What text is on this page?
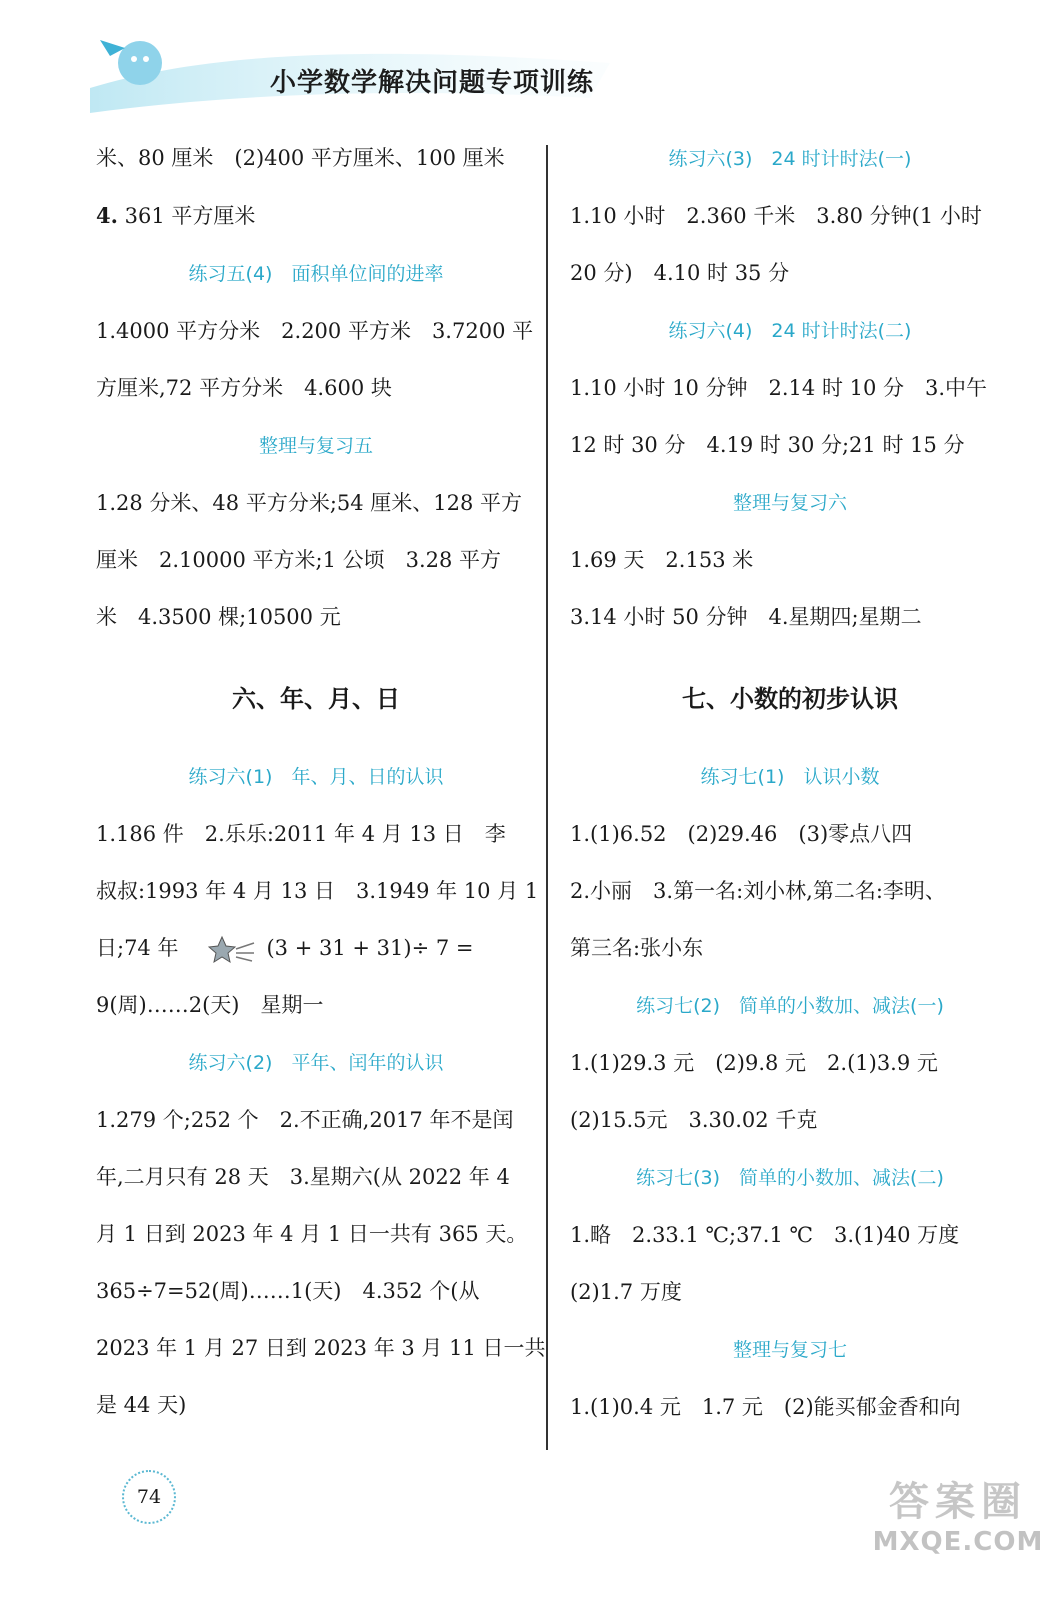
小学数学解决问题专项训练
米、80 厘米　(2)400 平方厘米、100 厘米
4. 361 平方厘米
练习五(4)　面积单位间的进率
1.4000 平方分米　2.200 平方米　3.7200 平
方厘米,72 平方分米　4.600 块
整理与复习五
1.28 分米、48 平方分米;54 厘米、128 平方
厘米　2.10000 平方米;1 公顷　3.28 平方
米　4.3500 棵;10500 元
六、年、月、日
练习六(1)　年、月、日的认识
1.186 件　2.乐乐:2011 年 4 月 13 日　李
叔叔:1993 年 4 月 13 日　3.1949 年 10 月 1
日;74 年	(3 + 31 + 31)÷ 7 =
9(周)……2(天)　星期一
练习六(2)　平年、闰年的认识
1.279 个;252 个　2.不正确,2017 年不是闰
年,二月只有 28 天　3.星期六(从 2022 年 4
月 1 日到 2023 年 4 月 1 日一共有 365 天。
365÷7=52(周)……1(天)　4.352 个(从
2023 年 1 月 27 日到 2023 年 3 月 11 日一共
是 44 天)
练习六(3)　24 时计时法(一)
1.10 小时　2.360 千米　3.80 分钟(1 小时
20 分)　4.10 时 35 分
练习六(4)　24 时计时法(二)
1.10 小时 10 分钟　2.14 时 10 分　3.中午
12 时 30 分　4.19 时 30 分;21 时 15 分
整理与复习六
1.69 天　2.153 米
3.14 小时 50 分钟　4.星期四;星期二
七、小数的初步认识
练习七(1)　认识小数
1.(1)6.52　(2)29.46　(3)零点八四
2.小丽　3.第一名:刘小林,第二名:李明、
第三名:张小东
练习七(2)　简单的小数加、减法(一)
1.(1)29.3 元　(2)9.8 元　2.(1)3.9 元
(2)15.5元　3.30.02 千克
练习七(3)　简单的小数加、减法(二)
1.略　2.33.1 ℃;37.1 ℃　3.(1)40 万度
(2)1.7 万度
整理与复习七
1.(1)0.4 元　1.7 元　(2)能买郁金香和向
74	答案圈
MXQE.COM
